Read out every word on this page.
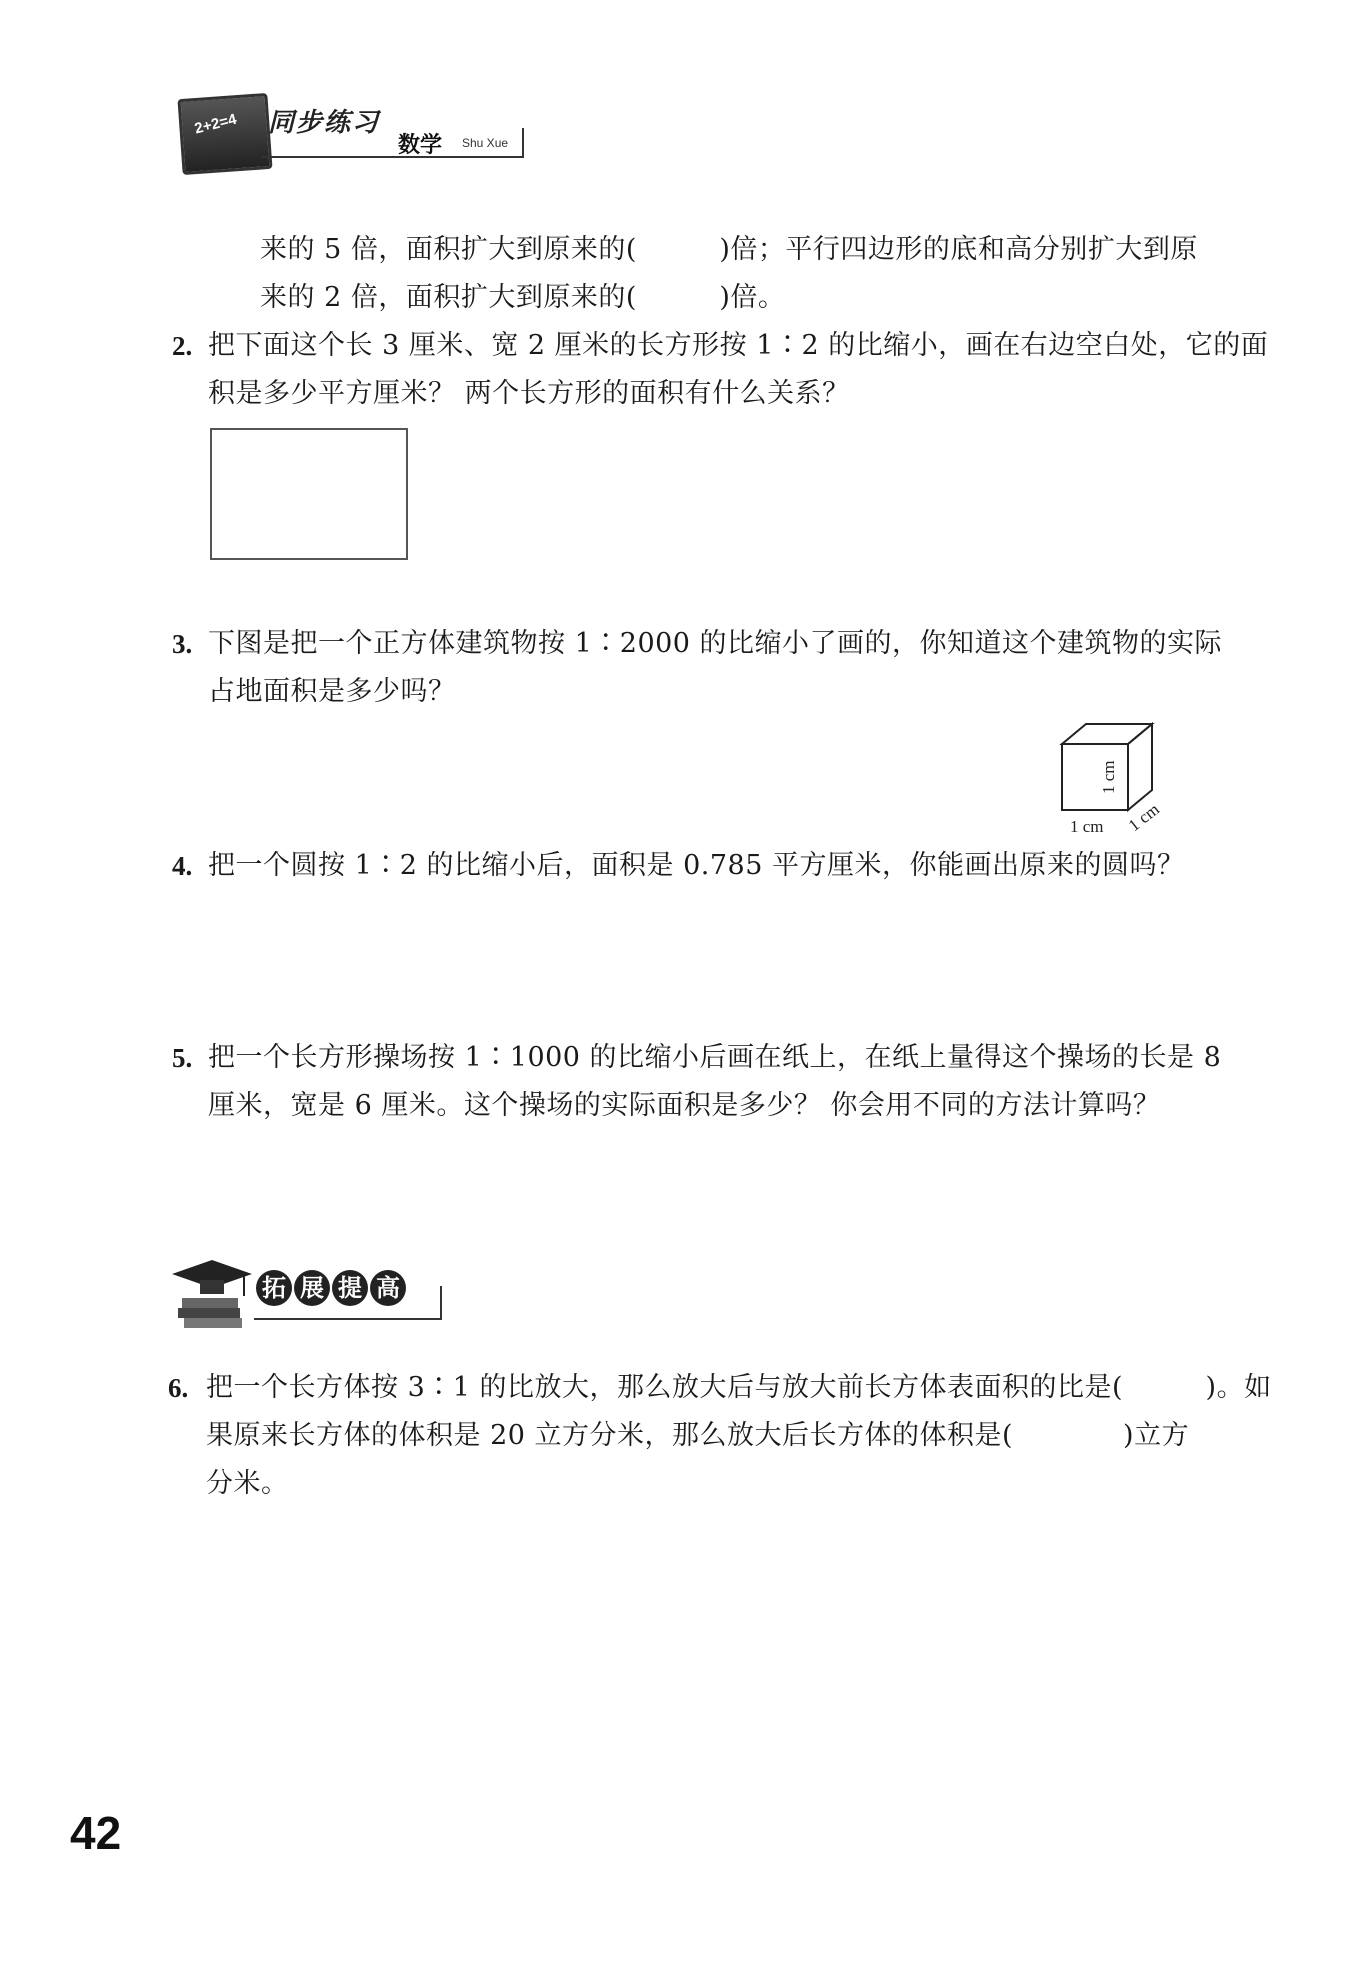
2+2=4 同步练习
数学 Shu Xue
来的 5 倍，面积扩大到原来的(　　　)倍；平行四边形的底和高分别扩大到原
来的 2 倍，面积扩大到原来的(　　　)倍。
2. 把下面这个长 3 厘米、宽 2 厘米的长方形按 1∶2 的比缩小，画在右边空白处，它的面
积是多少平方厘米？ 两个长方形的面积有什么关系？
3. 下图是把一个正方体建筑物按 1∶2000 的比缩小了画的，你知道这个建筑物的实际
占地面积是多少吗？
1 cm
1 cm 1 cm
4. 把一个圆按 1∶2 的比缩小后，面积是 0.785 平方厘米，你能画出原来的圆吗？
5. 把一个长方形操场按 1∶1000 的比缩小后画在纸上，在纸上量得这个操场的长是 8
厘米，宽是 6 厘米。这个操场的实际面积是多少？ 你会用不同的方法计算吗？
拓 展 提 高
6. 把一个长方体按 3∶1 的比放大，那么放大后与放大前长方体表面积的比是(　　　)。如
果原来长方体的体积是 20 立方分米，那么放大后长方体的体积是(　　　　)立方
分米。
42
